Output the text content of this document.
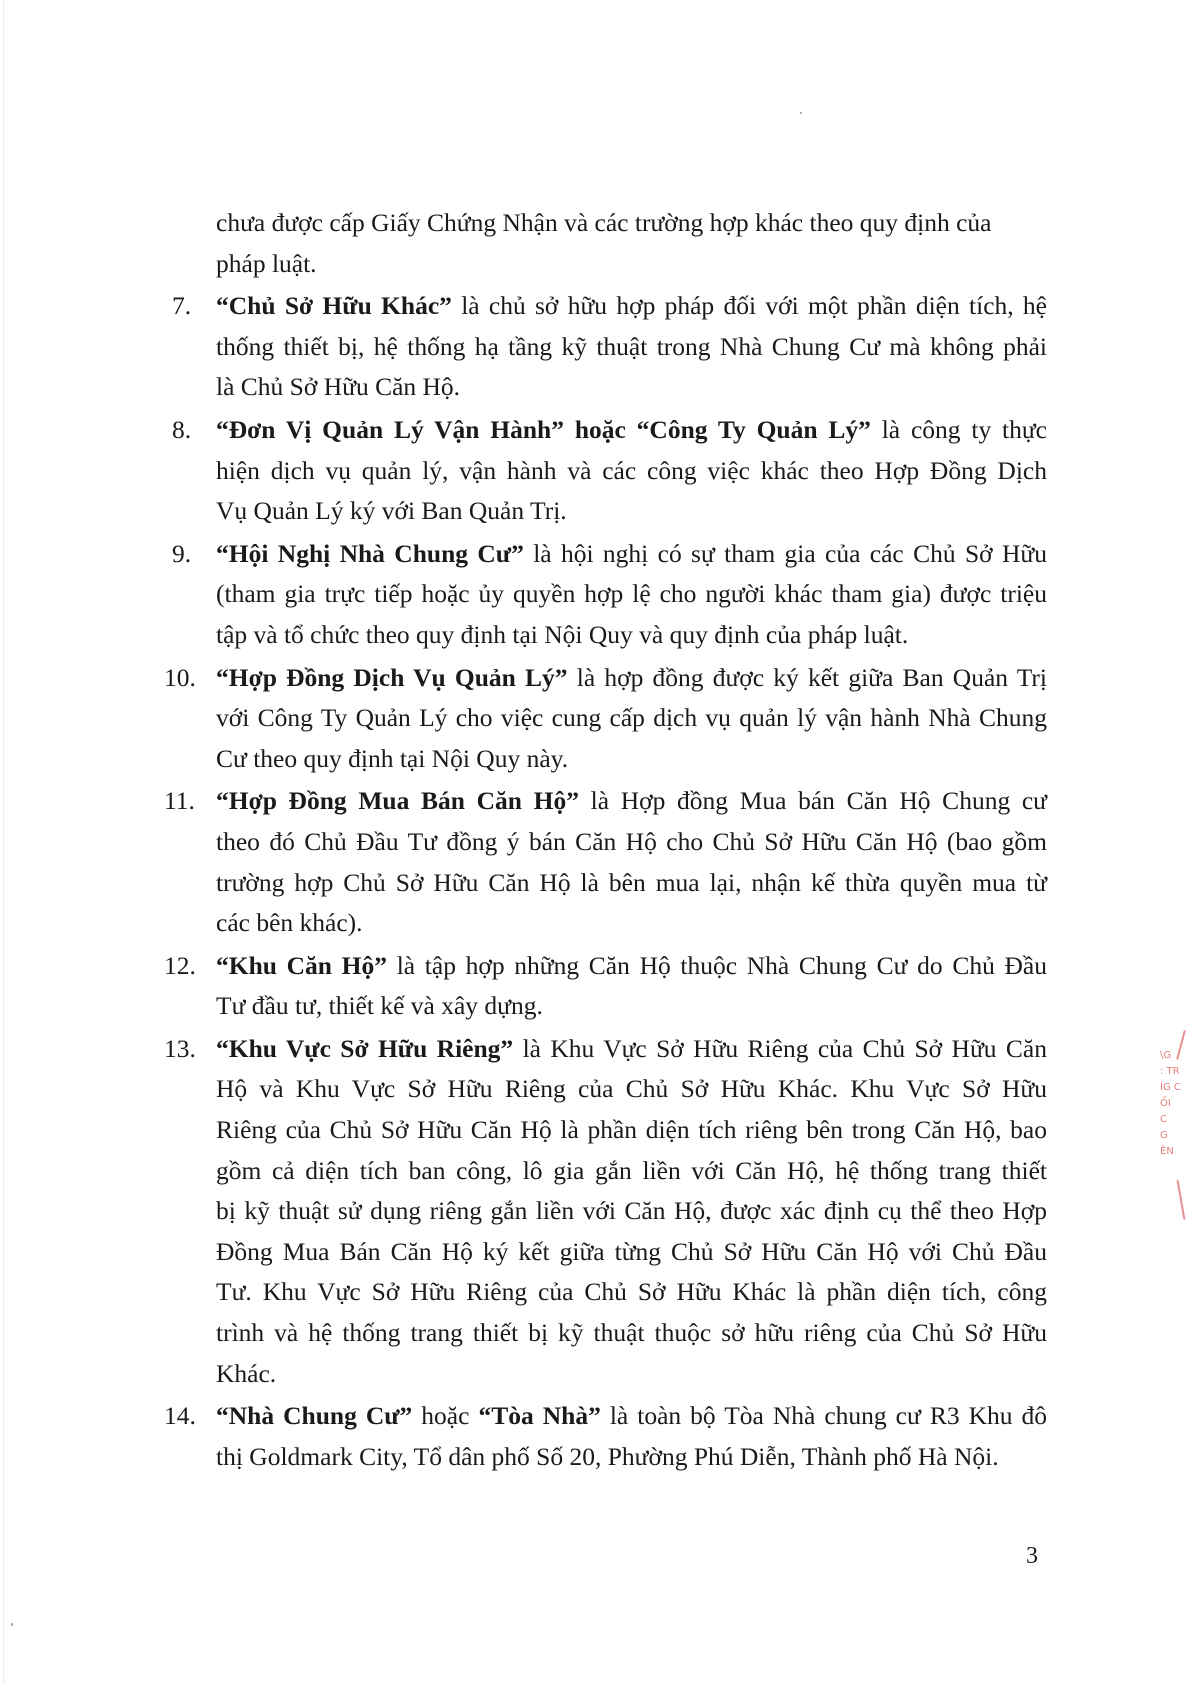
chưa được cấp Giấy Chứng Nhận và các trường hợp khác theo quy định của
pháp luật.
7. “Chủ Sở Hữu Khác” là chủ sở hữu hợp pháp đối với một phần diện tích, hệ
thống thiết bị, hệ thống hạ tầng kỹ thuật trong Nhà Chung Cư mà không phải
là Chủ Sở Hữu Căn Hộ.
8. “Đơn Vị Quản Lý Vận Hành” hoặc “Công Ty Quản Lý” là công ty thực
hiện dịch vụ quản lý, vận hành và các công việc khác theo Hợp Đồng Dịch
Vụ Quản Lý ký với Ban Quản Trị.
9. “Hội Nghị Nhà Chung Cư” là hội nghị có sự tham gia của các Chủ Sở Hữu
(tham gia trực tiếp hoặc ủy quyền hợp lệ cho người khác tham gia) được triệu
tập và tổ chức theo quy định tại Nội Quy và quy định của pháp luật.
10. “Hợp Đồng Dịch Vụ Quản Lý” là hợp đồng được ký kết giữa Ban Quản Trị
với Công Ty Quản Lý cho việc cung cấp dịch vụ quản lý vận hành Nhà Chung
Cư theo quy định tại Nội Quy này.
11. “Hợp Đồng Mua Bán Căn Hộ” là Hợp đồng Mua bán Căn Hộ Chung cư
theo đó Chủ Đầu Tư đồng ý bán Căn Hộ cho Chủ Sở Hữu Căn Hộ (bao gồm
trường hợp Chủ Sở Hữu Căn Hộ là bên mua lại, nhận kế thừa quyền mua từ
các bên khác).
12. “Khu Căn Hộ” là tập hợp những Căn Hộ thuộc Nhà Chung Cư do Chủ Đầu
Tư đầu tư, thiết kế và xây dựng.
13. “Khu Vực Sở Hữu Riêng” là Khu Vực Sở Hữu Riêng của Chủ Sở Hữu Căn
Hộ và Khu Vực Sở Hữu Riêng của Chủ Sở Hữu Khác. Khu Vực Sở Hữu
Riêng của Chủ Sở Hữu Căn Hộ là phần diện tích riêng bên trong Căn Hộ, bao
gồm cả diện tích ban công, lô gia gắn liền với Căn Hộ, hệ thống trang thiết
bị kỹ thuật sử dụng riêng gắn liền với Căn Hộ, được xác định cụ thể theo Hợp
Đồng Mua Bán Căn Hộ ký kết giữa từng Chủ Sở Hữu Căn Hộ với Chủ Đầu
Tư. Khu Vực Sở Hữu Riêng của Chủ Sở Hữu Khác là phần diện tích, công
trình và hệ thống trang thiết bị kỹ thuật thuộc sở hữu riêng của Chủ Sở Hữu
Khác.
14. “Nhà Chung Cư” hoặc “Tòa Nhà” là toàn bộ Tòa Nhà chung cư R3 Khu đô
thị Goldmark City, Tổ dân phố Số 20, Phường Phú Diễn, Thành phố Hà Nội.
3
\G
: TR
ÍG C
ỐI
C
G
ÊN
